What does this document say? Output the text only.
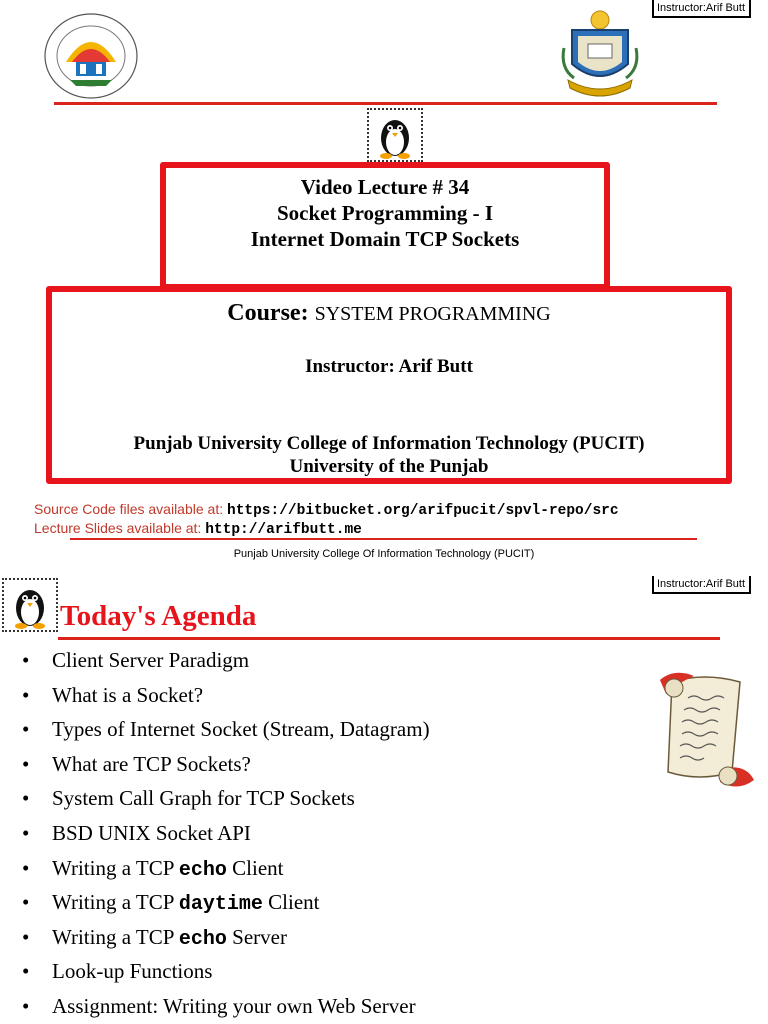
Instructor:Arif Butt
Video Lecture # 34
Socket Programming - I
Internet Domain TCP Sockets
Course: SYSTEM PROGRAMMING
Instructor: Arif Butt
Punjab University College of Information Technology (PUCIT)
University of the Punjab
Source Code files available at: https://bitbucket.org/arifpucit/spvl-repo/src
Lecture Slides available at: http://arifbutt.me
Punjab University College Of Information Technology (PUCIT)
Instructor:Arif Butt
Today's Agenda
• Client Server Paradigm
• What is a Socket?
• Types of Internet Socket (Stream, Datagram)
• What are TCP Sockets?
• System Call Graph for TCP Sockets
• BSD UNIX Socket API
• Writing a TCP echo Client
• Writing a TCP daytime Client
• Writing a TCP echo Server
• Look-up Functions
• Assignment: Writing your own Web Server
